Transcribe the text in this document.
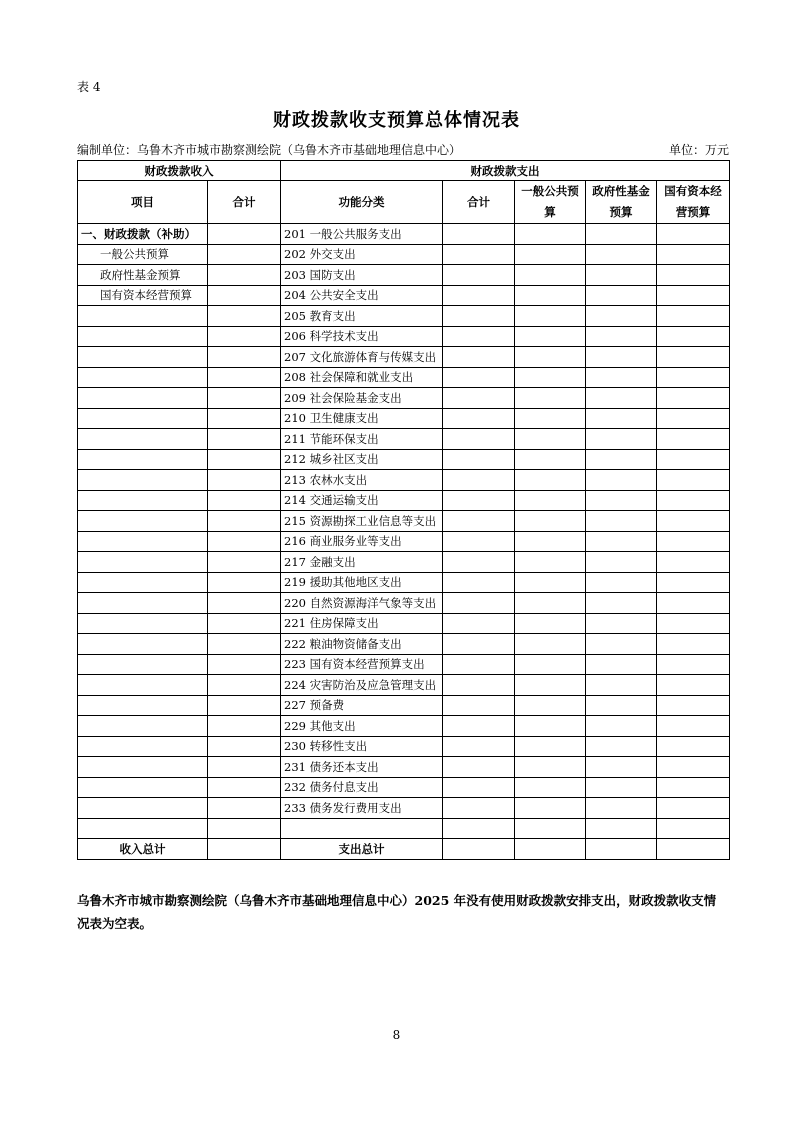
表 4
财政拨款收支预算总体情况表
编制单位：乌鲁木齐市城市勘察测绘院（乌鲁木齐市基础地理信息中心）	单位：万元
财政拨款收入		财政拨款支出				
项目	合计	功能分类	合计	一般公共预算	政府性基金预算	国有资本经营预算
一、财政拨款（补助）		201 一般公共服务支出				
一般公共预算		202 外交支出				
政府性基金预算		203 国防支出				
国有资本经营预算		204 公共安全支出				
		205 教育支出				
		206 科学技术支出				
		207 文化旅游体育与传媒支出				
		208 社会保障和就业支出				
		209 社会保险基金支出				
		210 卫生健康支出				
		211 节能环保支出				
		212 城乡社区支出				
		213 农林水支出				
		214 交通运输支出				
		215 资源勘探工业信息等支出				
		216 商业服务业等支出				
		217 金融支出				
		219 援助其他地区支出				
		220 自然资源海洋气象等支出				
		221 住房保障支出				
		222 粮油物资储备支出				
		223 国有资本经营预算支出				
		224 灾害防治及应急管理支出				
		227 预备费				
		229 其他支出				
		230 转移性支出				
		231 债务还本支出				
		232 债务付息支出				
		233 债务发行费用支出				

收入总计		支出总计				
乌鲁木齐市城市勘察测绘院（乌鲁木齐市基础地理信息中心）2025 年没有使用财政拨款安排支出，财政拨款收支情况表为空表。
8
